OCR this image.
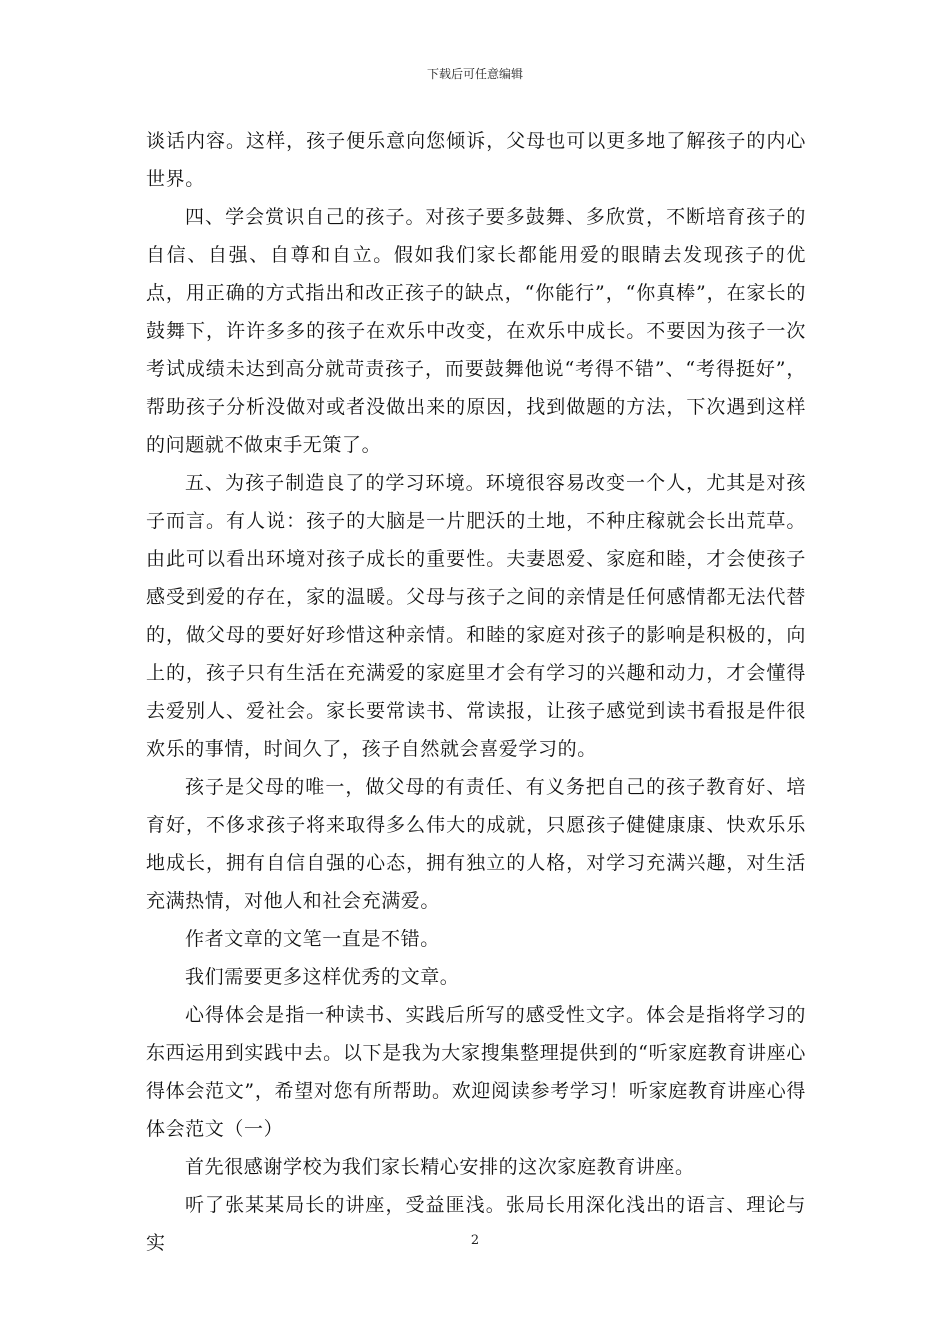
下载后可任意编辑

谈话内容。这样，孩子便乐意向您倾诉，父母也可以更多地了解孩子的内心世界。

四、学会赏识自己的孩子。对孩子要多鼓舞、多欣赏，不断培育孩子的自信、自强、自尊和自立。假如我们家长都能用爱的眼睛去发现孩子的优点，用正确的方式指出和改正孩子的缺点，“你能行”，“你真棒”，在家长的鼓舞下，许许多多的孩子在欢乐中改变，在欢乐中成长。不要因为孩子一次考试成绩未达到高分就苛责孩子，而要鼓舞他说“考得不错”、“考得挺好”，帮助孩子分析没做对或者没做出来的原因，找到做题的方法，下次遇到这样的问题就不做束手无策了。

五、为孩子制造良了的学习环境。环境很容易改变一个人，尤其是对孩子而言。有人说：孩子的大脑是一片肥沃的土地，不种庄稼就会长出荒草。由此可以看出环境对孩子成长的重要性。夫妻恩爱、家庭和睦，才会使孩子感受到爱的存在，家的温暖。父母与孩子之间的亲情是任何感情都无法代替的，做父母的要好好珍惜这种亲情。和睦的家庭对孩子的影响是积极的，向上的，孩子只有生活在充满爱的家庭里才会有学习的兴趣和动力，才会懂得去爱别人、爱社会。家长要常读书、常读报，让孩子感觉到读书看报是件很欢乐的事情，时间久了，孩子自然就会喜爱学习的。

孩子是父母的唯一，做父母的有责任、有义务把自己的孩子教育好、培育好，不侈求孩子将来取得多么伟大的成就，只愿孩子健健康康、快欢乐乐地成长，拥有自信自强的心态，拥有独立的人格，对学习充满兴趣，对生活充满热情，对他人和社会充满爱。

作者文章的文笔一直是不错。

我们需要更多这样优秀的文章。

心得体会是指一种读书、实践后所写的感受性文字。体会是指将学习的东西运用到实践中去。以下是我为大家搜集整理提供到的“听家庭教育讲座心得体会范文”，希望对您有所帮助。欢迎阅读参考学习！听家庭教育讲座心得体会范文（一）

首先很感谢学校为我们家长精心安排的这次家庭教育讲座。

听了张某某局长的讲座，受益匪浅。张局长用深化浅出的语言、理论与实	2
